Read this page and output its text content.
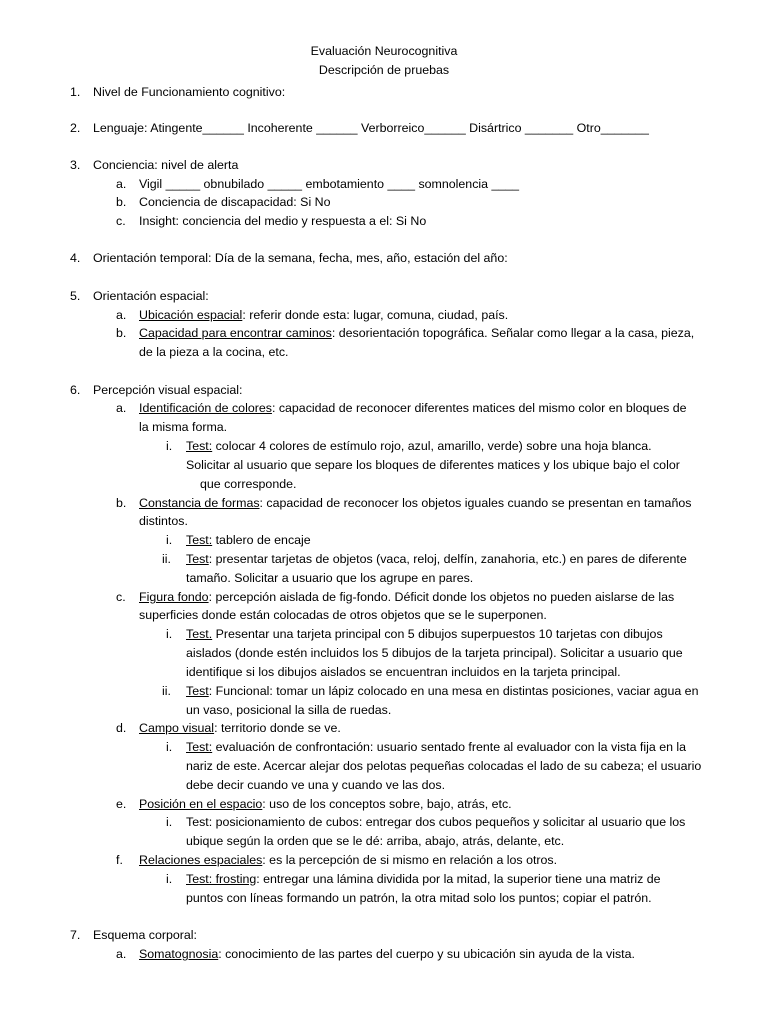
Evaluación Neurocognitiva
Descripción de pruebas
1. Nivel de Funcionamiento cognitivo:
2. Lenguaje: Atingente______ Incoherente ______ Verborreico______ Disártrico _______ Otro_______
3. Conciencia: nivel de alerta
a. Vigil _____ obnubilado _____ embotamiento ____ somnolencia ____
b. Conciencia de discapacidad: Si No
c. Insight: conciencia del medio y respuesta a el: Si No
4. Orientación temporal: Día de la semana, fecha, mes, año, estación del año:
5. Orientación espacial:
a. Ubicación espacial: referir donde esta: lugar, comuna, ciudad, país.
b. Capacidad para encontrar caminos: desorientación topográfica. Señalar como llegar a la casa, pieza,
de la pieza a la cocina, etc.
6. Percepción visual espacial:
a. Identificación de colores: capacidad de reconocer diferentes matices del mismo color en bloques de
la misma forma.
i. Test: colocar 4 colores de estímulo rojo, azul, amarillo, verde) sobre una hoja blanca.
Solicitar al usuario que separe los bloques de diferentes matices y los ubique bajo el color
que corresponde.
b. Constancia de formas: capacidad de reconocer los objetos iguales cuando se presentan en tamaños
distintos.
i. Test: tablero de encaje
ii. Test: presentar tarjetas de objetos (vaca, reloj, delfín, zanahoria, etc.) en pares de diferente
tamaño. Solicitar a usuario que los agrupe en pares.
c. Figura fondo: percepción aislada de fig-fondo. Déficit donde los objetos no pueden aislarse de las
superficies donde están colocadas de otros objetos que se le superponen.
i. Test. Presentar una tarjeta principal con 5 dibujos superpuestos 10 tarjetas con dibujos
aislados (donde estén incluidos los 5 dibujos de la tarjeta principal). Solicitar a usuario que
identifique si los dibujos aislados se encuentran incluidos en la tarjeta principal.
ii. Test: Funcional: tomar un lápiz colocado en una mesa en distintas posiciones, vaciar agua en
un vaso, posicional la silla de ruedas.
d. Campo visual: territorio donde se ve.
i. Test: evaluación de confrontación: usuario sentado frente al evaluador con la vista fija en la
nariz de este. Acercar alejar dos pelotas pequeñas colocadas el lado de su cabeza; el usuario
debe decir cuando ve una y cuando ve las dos.
e. Posición en el espacio: uso de los conceptos sobre, bajo, atrás, etc.
i. Test: posicionamiento de cubos: entregar dos cubos pequeños y solicitar al usuario que los
ubique según la orden que se le dé: arriba, abajo, atrás, delante, etc.
f. Relaciones espaciales: es la percepción de si mismo en relación a los otros.
i. Test: frosting: entregar una lámina dividida por la mitad, la superior tiene una matriz de
puntos con líneas formando un patrón, la otra mitad solo los puntos; copiar el patrón.
7. Esquema corporal:
a. Somatognosia: conocimiento de las partes del cuerpo y su ubicación sin ayuda de la vista.
